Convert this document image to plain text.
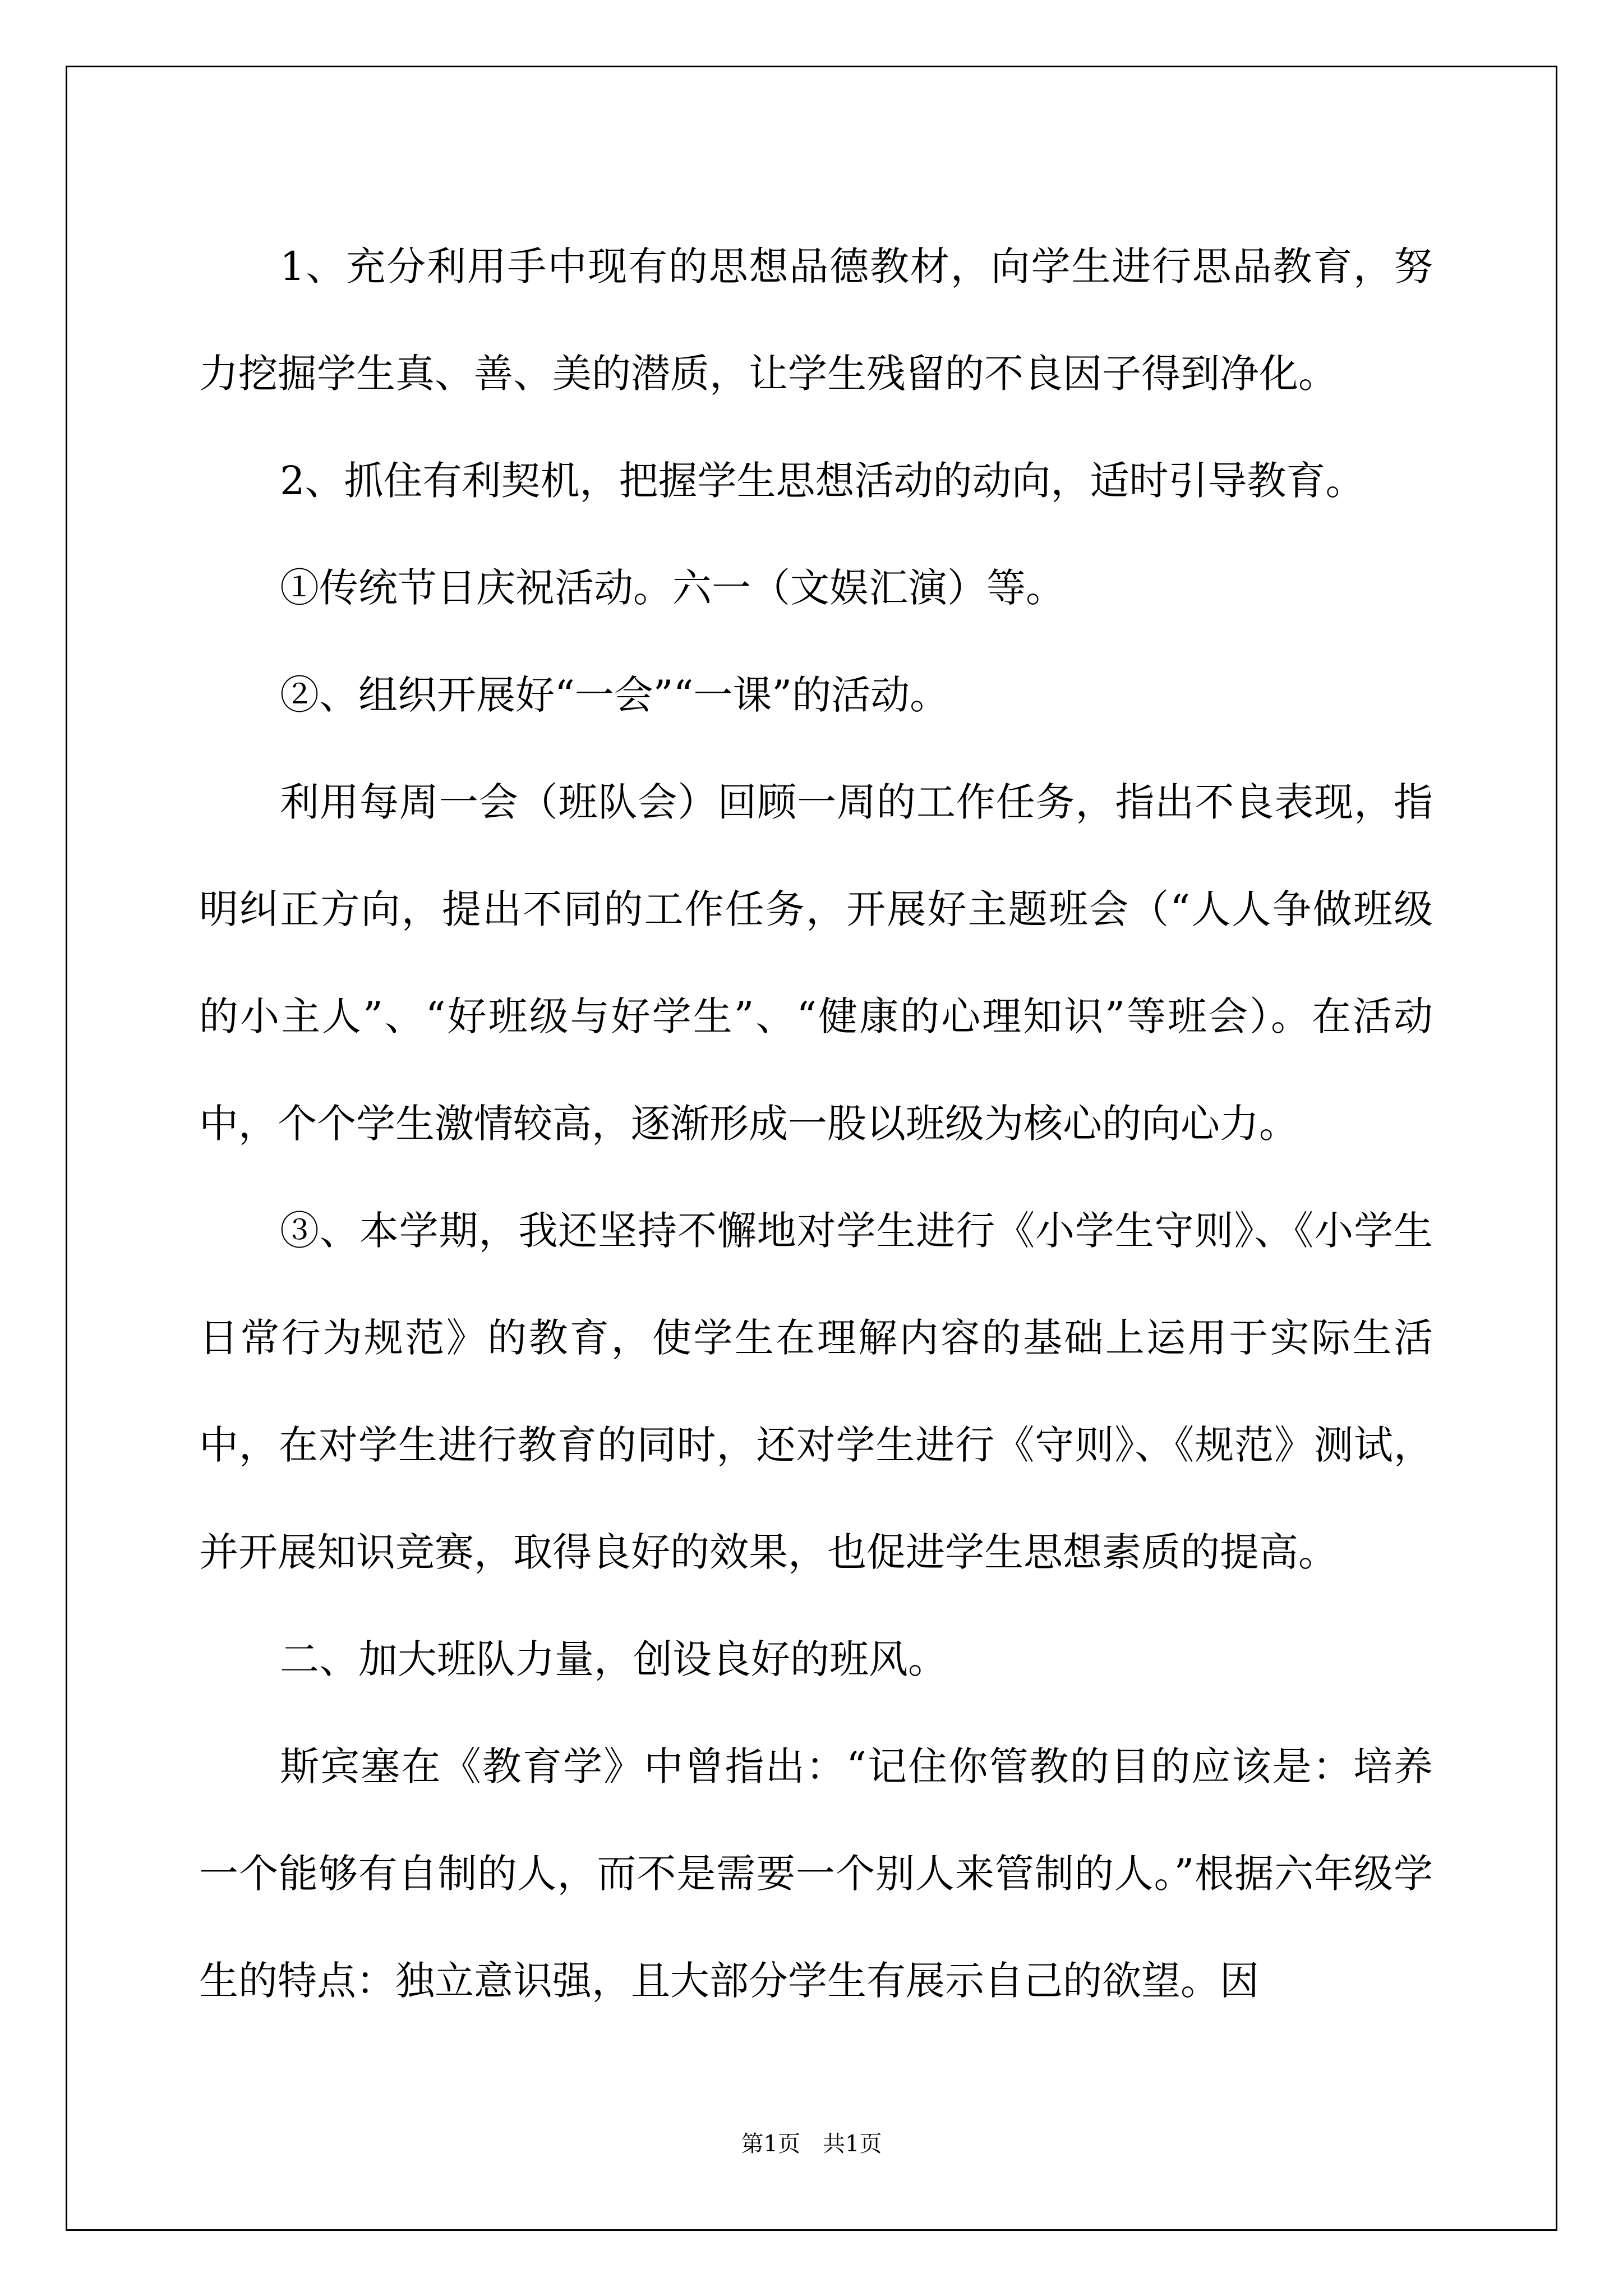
1、充分利用手中现有的思想品德教材，向学生进行思品教育，努力挖掘学生真、善、美的潜质，让学生残留的不良因子得到净化。

2、抓住有利契机，把握学生思想活动的动向，适时引导教育。

①传统节日庆祝活动。六一（文娱汇演）等。

②、组织开展好“一会”“一课”的活动。

利用每周一会（班队会）回顾一周的工作任务，指出不良表现，指明纠正方向，提出不同的工作任务，开展好主题班会（“人人争做班级的小主人”、“好班级与好学生”、“健康的心理知识”等班会）。在活动中，个个学生激情较高，逐渐形成一股以班级为核心的向心力。

③、本学期，我还坚持不懈地对学生进行《小学生守则》、《小学生日常行为规范》的教育，使学生在理解内容的基础上运用于实际生活中，在对学生进行教育的同时，还对学生进行《守则》、《规范》测试，并开展知识竞赛，取得良好的效果，也促进学生思想素质的提高。

二、加大班队力量，创设良好的班风。

斯宾塞在《教育学》中曾指出：“记住你管教的目的应该是：培养一个能够有自制的人，而不是需要一个别人来管制的人。”根据六年级学生的特点：独立意识强，且大部分学生有展示自己的欲望。因

第1页　共1页
